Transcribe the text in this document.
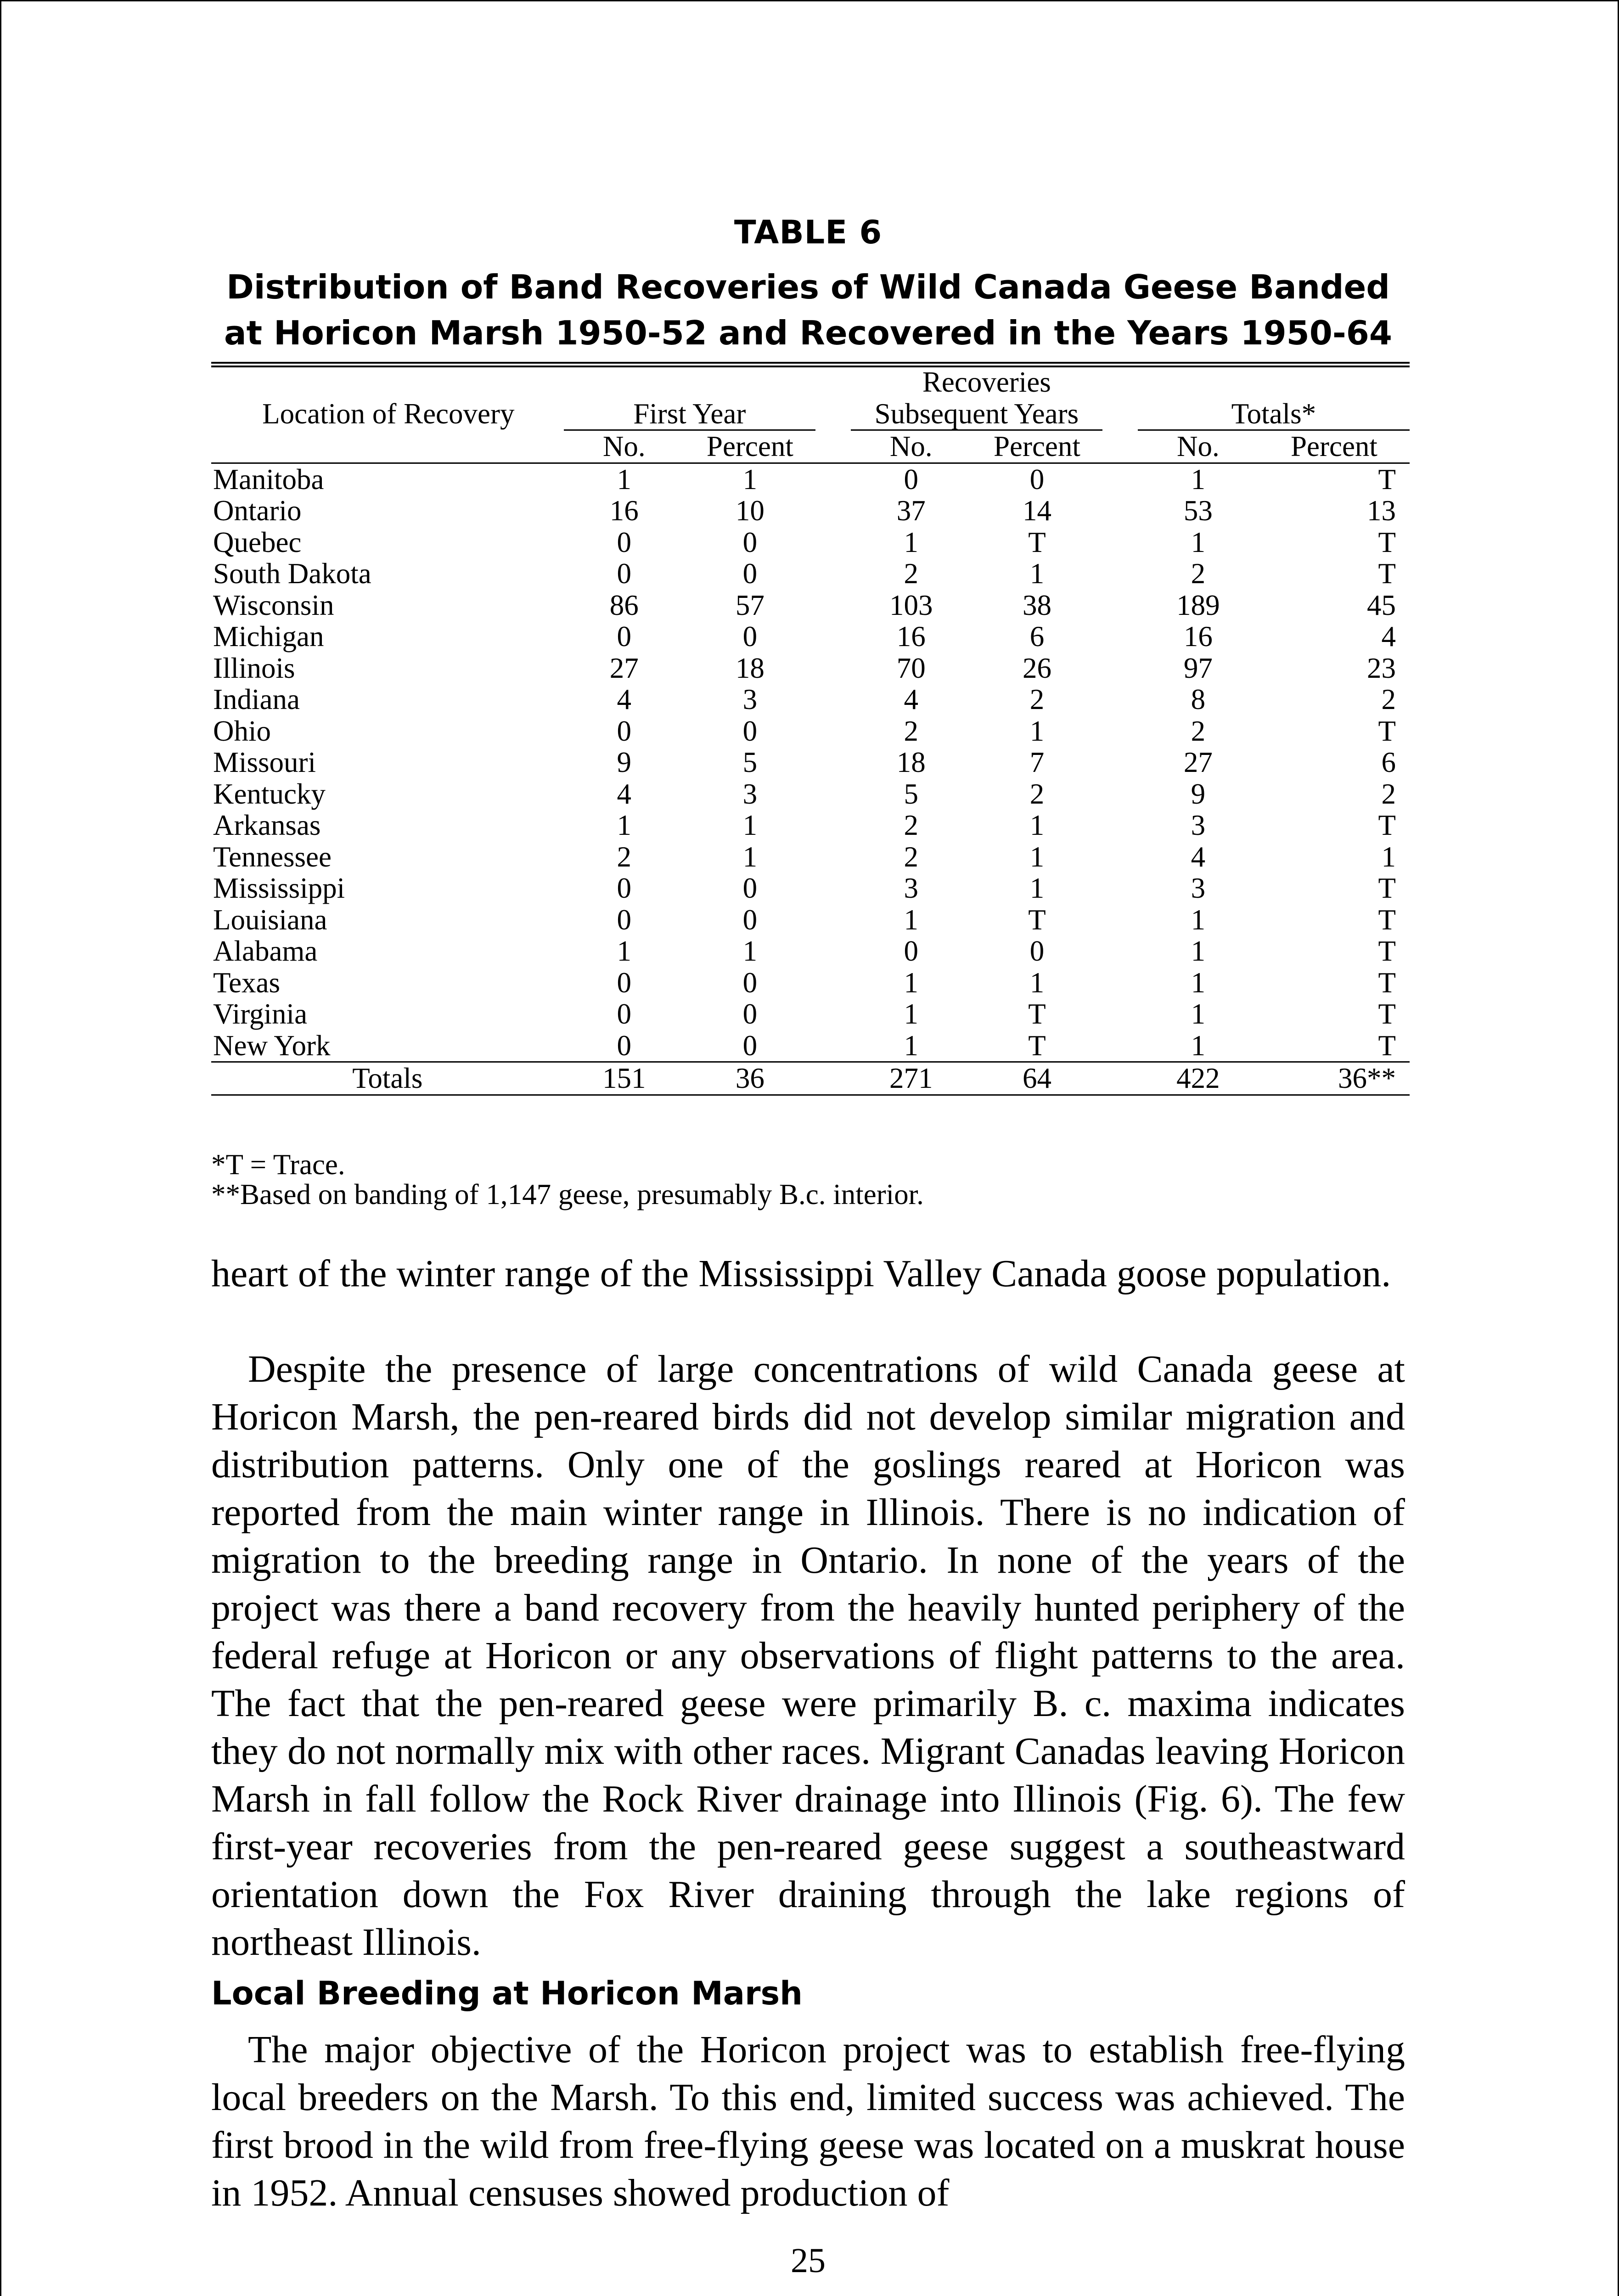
TABLE 6
Distribution of Band Recoveries of Wild Canada Geese Banded at Horicon Marsh 1950-52 and Recovered in the Years 1950-64
	Recoveries							
Location of Recovery	First Year			Subsequent Years			Totals*	
	No.	Percent		No.	Percent		No.	Percent
Manitoba	1	1		0	0		1	T
Ontario	16	10		37	14		53	13
Quebec	0	0		1	T		1	T
South Dakota	0	0		2	1		2	T
Wisconsin	86	57		103	38		189	45
Michigan	0	0		16	6		16	4
Illinois	27	18		70	26		97	23
Indiana	4	3		4	2		8	2
Ohio	0	0		2	1		2	T
Missouri	9	5		18	7		27	6
Kentucky	4	3		5	2		9	2
Arkansas	1	1		2	1		3	T
Tennessee	2	1		2	1		4	1
Mississippi	0	0		3	1		3	T
Louisiana	0	0		1	T		1	T
Alabama	1	1		0	0		1	T
Texas	0	0		1	1		1	T
Virginia	0	0		1	T		1	T
New York	0	0		1	T		1	T
Totals	151	36		271	64		422	36**
*T = Trace.
**Based on banding of 1,147 geese, presumably B.c. interior.
heart of the winter range of the Mississippi Valley Canada goose population.
Despite the presence of large concentrations of wild Canada geese at Horicon Marsh, the pen-reared birds did not develop similar migration and distribution patterns. Only one of the goslings reared at Horicon was reported from the main winter range in Illinois. There is no indication of migration to the breeding range in Ontario. In none of the years of the project was there a band recovery from the heavily hunted periphery of the federal refuge at Horicon or any observations of flight patterns to the area. The fact that the pen-reared geese were primarily B. c. maxima indicates they do not normally mix with other races. Migrant Canadas leaving Horicon Marsh in fall follow the Rock River drainage into Illinois (Fig. 6). The few first-year recoveries from the pen-reared geese suggest a southeastward orientation down the Fox River draining through the lake regions of northeast Illinois.
Local Breeding at Horicon Marsh
The major objective of the Horicon project was to establish free-flying local breeders on the Marsh. To this end, limited success was achieved. The first brood in the wild from free-flying geese was located on a muskrat house in 1952. Annual censuses showed production of
25
